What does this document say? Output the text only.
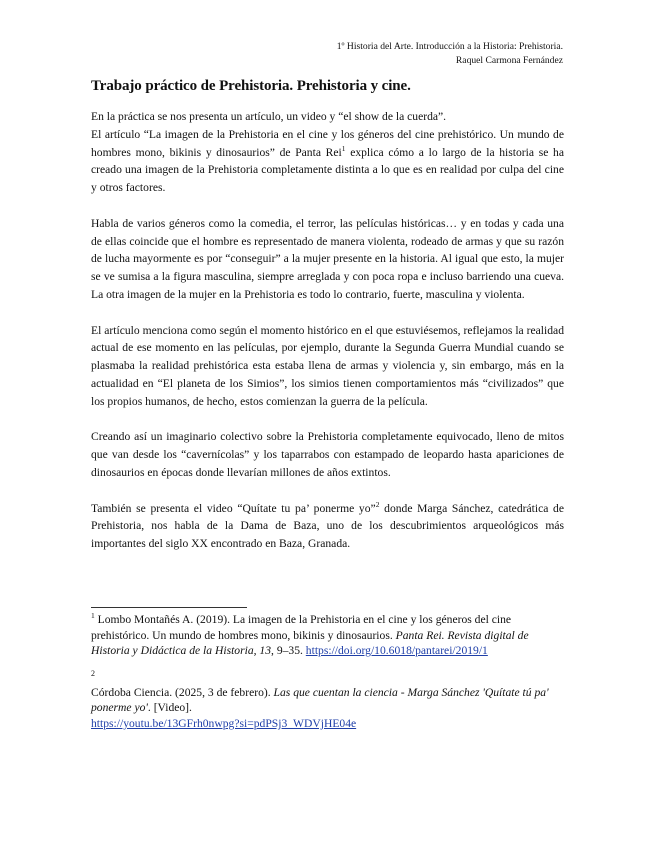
1º Historia del Arte. Introducción a la Historia: Prehistoria.
Raquel Carmona Fernández
Trabajo práctico de Prehistoria. Prehistoria y cine.

En la práctica se nos presenta un artículo, un video y “el show de la cuerda”.
El artículo “La imagen de la Prehistoria en el cine y los géneros del cine prehistórico. Un mundo de hombres mono, bikinis y dinosaurios” de Panta Rei$^1$ explica cómo a lo largo de la historia se ha creado una imagen de la Prehistoria completamente distinta a lo que es en realidad por culpa del cine y otros factores.

Habla de varios géneros como la comedia, el terror, las películas históricas… y en todas y cada una de ellas coincide que el hombre es representado de manera violenta, rodeado de armas y que su razón de lucha mayormente es por “conseguir” a la mujer presente en la historia. Al igual que esto, la mujer se ve sumisa a la figura masculina, siempre arreglada y con poca ropa e incluso barriendo una cueva. La otra imagen de la mujer en la Prehistoria es todo lo contrario, fuerte, masculina y violenta.

El artículo menciona como según el momento histórico en el que estuviésemos, reflejamos la realidad actual de ese momento en las películas, por ejemplo, durante la Segunda Guerra Mundial cuando se plasmaba la realidad prehistórica esta estaba llena de armas y violencia y, sin embargo, más en la actualidad en “El planeta de los Simios”, los simios tienen comportamientos más “civilizados” que los propios humanos, de hecho, estos comienzan la guerra de la película.

Creando así un imaginario colectivo sobre la Prehistoria completamente equivocado, lleno de mitos que van desde los “cavernícolas” y los taparrabos con estampado de leopardo hasta apariciones de dinosaurios en épocas donde llevarían millones de años extintos.

También se presenta el video “Quítate tu pa’ ponerme yo”$^2$ donde Marga Sánchez, catedrática de Prehistoria, nos habla de la Dama de Baza, uno de los descubrimientos arqueológicos más importantes del siglo XX encontrado en Baza, Granada.

$^1$ Lombo Montañés A. (2019). La imagen de la Prehistoria en el cine y los géneros del cine prehistórico. Un mundo de hombres mono, bikinis y dinosaurios. Panta Rei. Revista digital de Historia y Didáctica de la Historia, 13, 9–35. https://doi.org/10.6018/pantarei/2019/1

2

Córdoba Ciencia. (2025, 3 de febrero). Las que cuentan la ciencia - Marga Sánchez 'Quítate tú pa' ponerme yo'. [Video].
https://youtu.be/13GFrh0nwpg?si=pdPSj3_WDVjHE04e
